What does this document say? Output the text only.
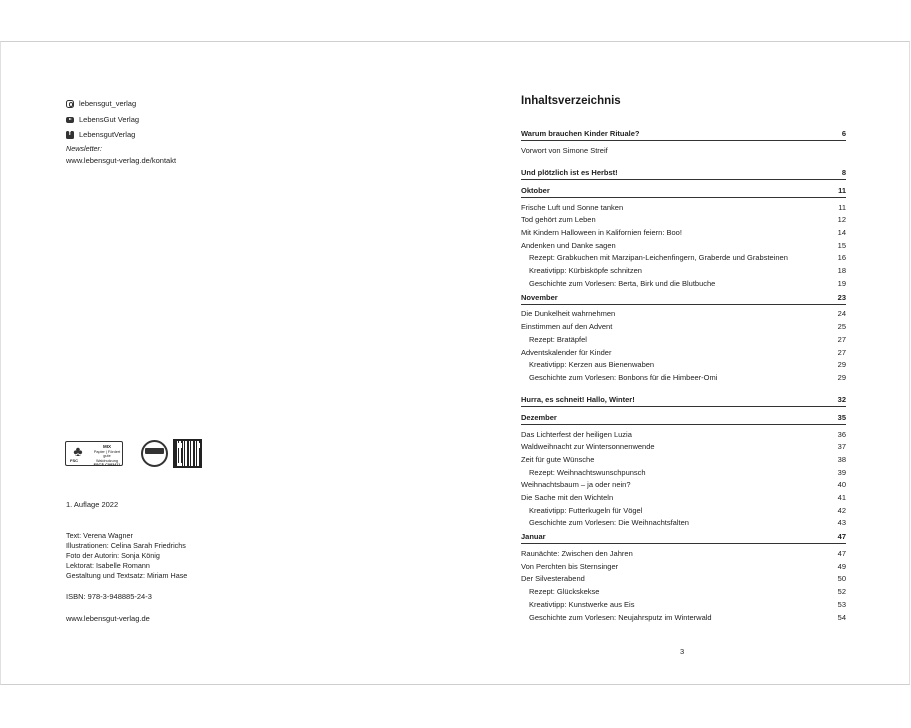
lebensgut_verlag
LebensGut Verlag
f
LebensgutVerlag
Newsletter:
www.lebensgut-verlag.de/kontakt
♣
FSC
MIX
Papier | Fördert
gute Waldnutzung
FSC® C083411
1. Auflage 2022
Text: Verena Wagner
Illustrationen: Celina Sarah Friedrichs
Foto der Autorin: Sonja König
Lektorat: Isabelle Romann
Gestaltung und Textsatz: Miriam Hase
ISBN: 978-3-948885-24-3
www.lebensgut-verlag.de
Inhaltsverzeichnis
Warum brauchen Kinder Rituale?	6
Vorwort von Simone Streif
Und plötzlich ist es Herbst!	8
Oktober	11
Frische Luft und Sonne tanken	11
Tod gehört zum Leben	12
Mit Kindern Halloween in Kalifornien feiern: Boo!	14
Andenken und Danke sagen	15
Rezept: Grabkuchen mit Marzipan-Leichenfingern, Graberde und Grabsteinen	16
Kreativtipp: Kürbisköpfe schnitzen	18
Geschichte zum Vorlesen: Berta, Birk und die Blutbuche	19
November	23
Die Dunkelheit wahrnehmen	24
Einstimmen auf den Advent	25
Rezept: Bratäpfel	27
Adventskalender für Kinder	27
Kreativtipp: Kerzen aus Bienenwaben	29
Geschichte zum Vorlesen: Bonbons für die Himbeer-Omi	29
Hurra, es schneit! Hallo, Winter!	32
Dezember	35
Das Lichterfest der heiligen Luzia	36
Waldweihnacht zur Wintersonnenwende	37
Zeit für gute Wünsche	38
Rezept: Weihnachtswunschpunsch	39
Weihnachtsbaum – ja oder nein?	40
Die Sache mit den Wichteln	41
Kreativtipp: Futterkugeln für Vögel	42
Geschichte zum Vorlesen: Die Weihnachtsfalten	43
Januar	47
Raunächte: Zwischen den Jahren	47
Von Perchten bis Sternsinger	49
Der Silvesterabend	50
Rezept: Glückskekse	52
Kreativtipp: Kunstwerke aus Eis	53
Geschichte zum Vorlesen: Neujahrsputz im Winterwald	54
3
